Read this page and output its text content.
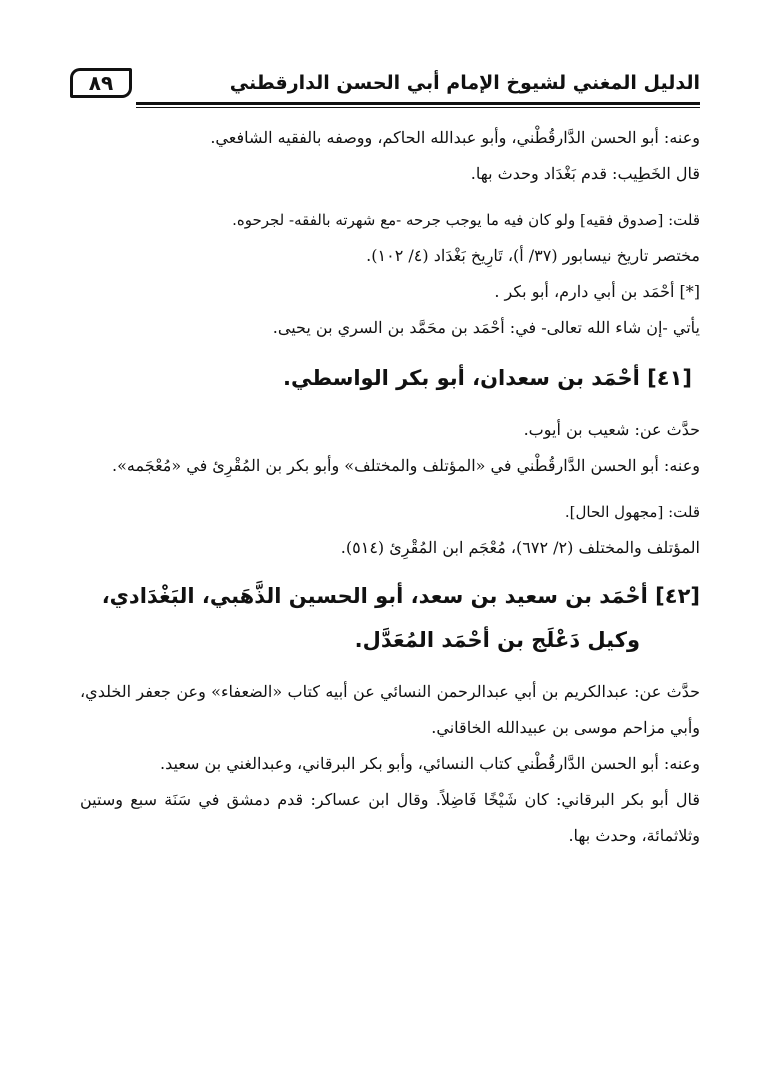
الدليل المغني لشيوخ الإمام أبي الحسن الدارقطني
٨٩

وعنه: أبو الحسن الدَّارقُطْني، وأبو عبدالله الحاكم، ووصفه بالفقيه الشافعي.

قال الخَطِيب: قدم بَغْدَاد وحدث بها.

قلت: [صدوق فقيه] ولو كان فيه ما يوجب جرحه -مع شهرته بالفقه- لجرحوه.

مختصر تاريخ نيسابور (٣٧/ أ)، تَارِيخ بَغْدَاد (٤/ ١٠٢).

[*] أحْمَد بن أبي دارم، أبو بكر .

يأتي -إن شاء الله تعالى- في: أحْمَد بن محَمَّد بن السري بن يحيى.

[٤١] أحْمَد بن سعدان، أبو بكر الواسطي.

حدَّث عن: شعيب بن أيوب.

وعنه: أبو الحسن الدَّارقُطْني في «المؤتلف والمختلف» وأبو بكر بن المُقْرِئ في «مُعْجَمه».

قلت: [مجهول الحال].

المؤتلف والمختلف (٢/ ٦٧٢)، مُعْجَم ابن المُقْرِئ (٥١٤).

[٤٢] أحْمَد بن سعيد بن سعد، أبو الحسين الذَّهَبي، البَغْدَادي،

وكيل دَعْلَج بن أحْمَد المُعَدَّل.

حدَّث عن: عبدالكريم بن أبي عبدالرحمن النسائي عن أبيه كتاب «الضعفاء» وعن جعفر الخلدي، وأبي مزاحم موسى بن عبيدالله الخاقاني.

وعنه: أبو الحسن الدَّارقُطْني كتاب النسائي، وأبو بكر البرقاني، وعبدالغني بن سعيد.

قال أبو بكر البرقاني: كان شَيْخًا فَاضِلاً. وقال ابن عساكر: قدم دمشق في سَنَة سبع وستين وثلاثمائة، وحدث بها.
